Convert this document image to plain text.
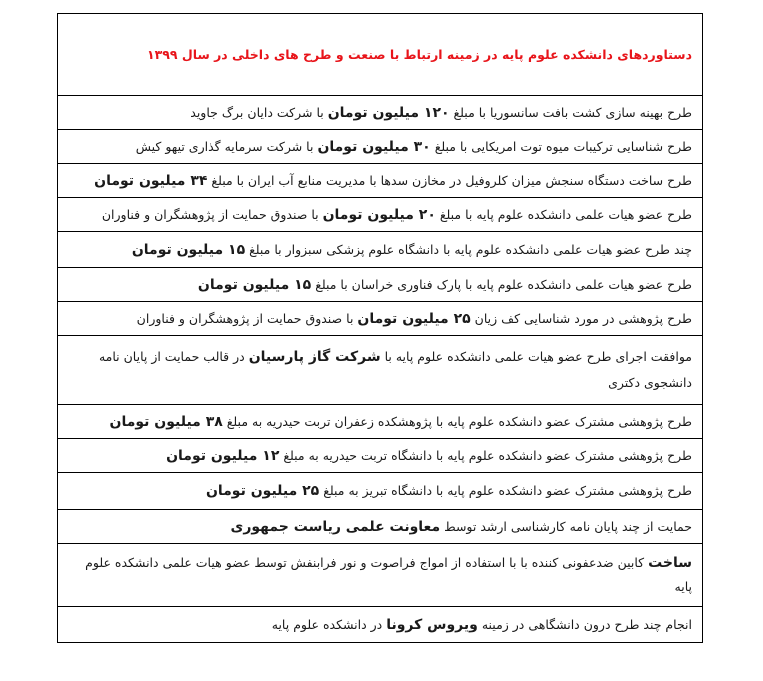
دستاوردهای دانشکده علوم پایه در زمینه ارتباط با صنعت و طرح های داخلی در سال ۱۳۹۹
طرح بهینه سازی کشت بافت سانسوریا با مبلغ ۱۲۰ میلیون تومان با شرکت دایان برگ جاوید
طرح شناسایی ترکیبات میوه توت امریکایی با مبلغ ۳۰ میلیون تومان با شرکت سرمایه گذاری تیهو کیش
طرح ساخت دستگاه سنجش میزان کلروفیل در مخازن سدها با مدیریت منابع آب ایران با مبلغ ۳۴ میلیون تومان
طرح عضو هیات علمی دانشکده علوم پایه با مبلغ ۲۰ میلیون تومان با صندوق حمایت از پژوهشگران و فناوران
چند طرح عضو هیات علمی دانشکده علوم پایه با دانشگاه علوم پزشکی سبزوار با مبلغ ۱۵ میلیون تومان
طرح عضو هیات علمی دانشکده علوم پایه با پارک فناوری خراسان با مبلغ ۱۵ میلیون تومان
طرح پژوهشی در مورد شناسایی کف زیان ۲۵ میلیون تومان با صندوق حمایت از پژوهشگران و فناوران
موافقت اجرای طرح عضو هیات علمی دانشکده علوم پایه با شرکت گاز پارسیان در قالب حمایت از پایان نامه دانشجوی دکتری
طرح پژوهشی مشترک عضو دانشکده علوم پایه با پژوهشکده زعفران تربت حیدریه به مبلغ ۳۸ میلیون تومان
طرح پژوهشی مشترک عضو دانشکده علوم پایه با دانشگاه تربت حیدریه به مبلغ ۱۲ میلیون تومان
طرح پژوهشی مشترک عضو دانشکده علوم پایه با دانشگاه تبریز به مبلغ ۲۵ میلیون تومان
حمایت از چند پایان نامه کارشناسی ارشد توسط معاونت علمی ریاست جمهوری
ساخت کابین ضدعفونی کننده با با استفاده از امواج فراصوت و نور فرابنفش توسط عضو هیات علمی دانشکده علوم پایه
انجام چند طرح درون دانشگاهی در زمینه ویروس کرونا در دانشکده علوم پایه
